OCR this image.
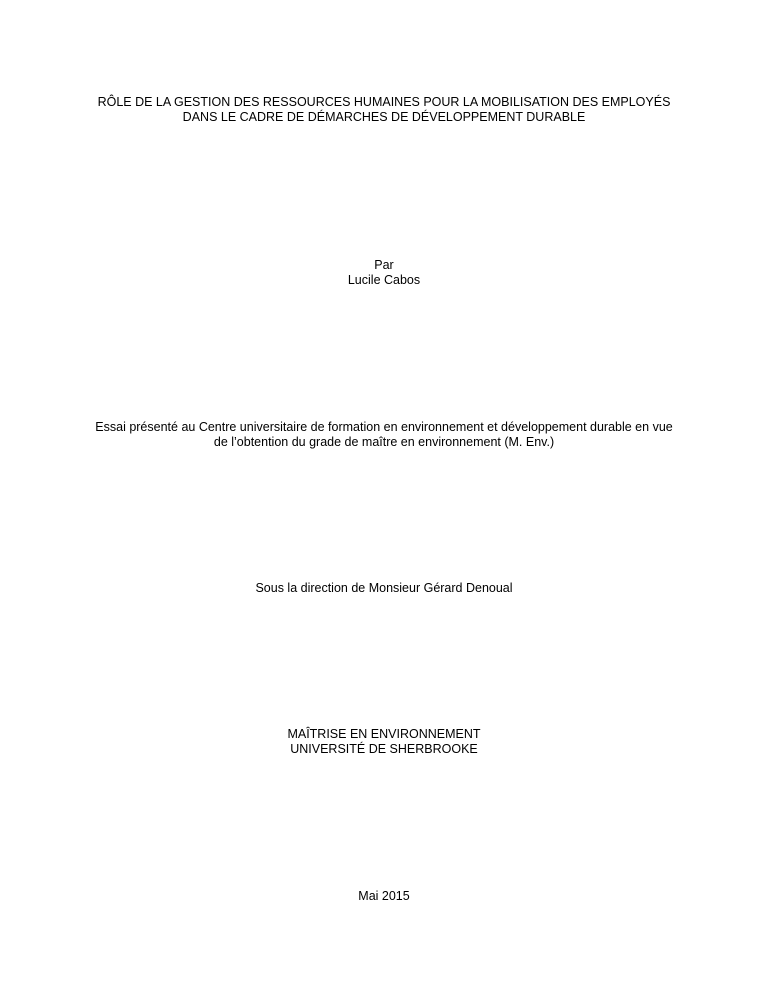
RÔLE DE LA GESTION DES RESSOURCES HUMAINES POUR LA MOBILISATION DES EMPLOYÉS
DANS LE CADRE DE DÉMARCHES DE DÉVELOPPEMENT DURABLE
Par
Lucile Cabos
Essai présenté au Centre universitaire de formation en environnement et développement durable en vue
de l’obtention du grade de maître en environnement (M. Env.)
Sous la direction de Monsieur Gérard Denoual
MAÎTRISE EN ENVIRONNEMENT
UNIVERSITÉ DE SHERBROOKE
Mai 2015
